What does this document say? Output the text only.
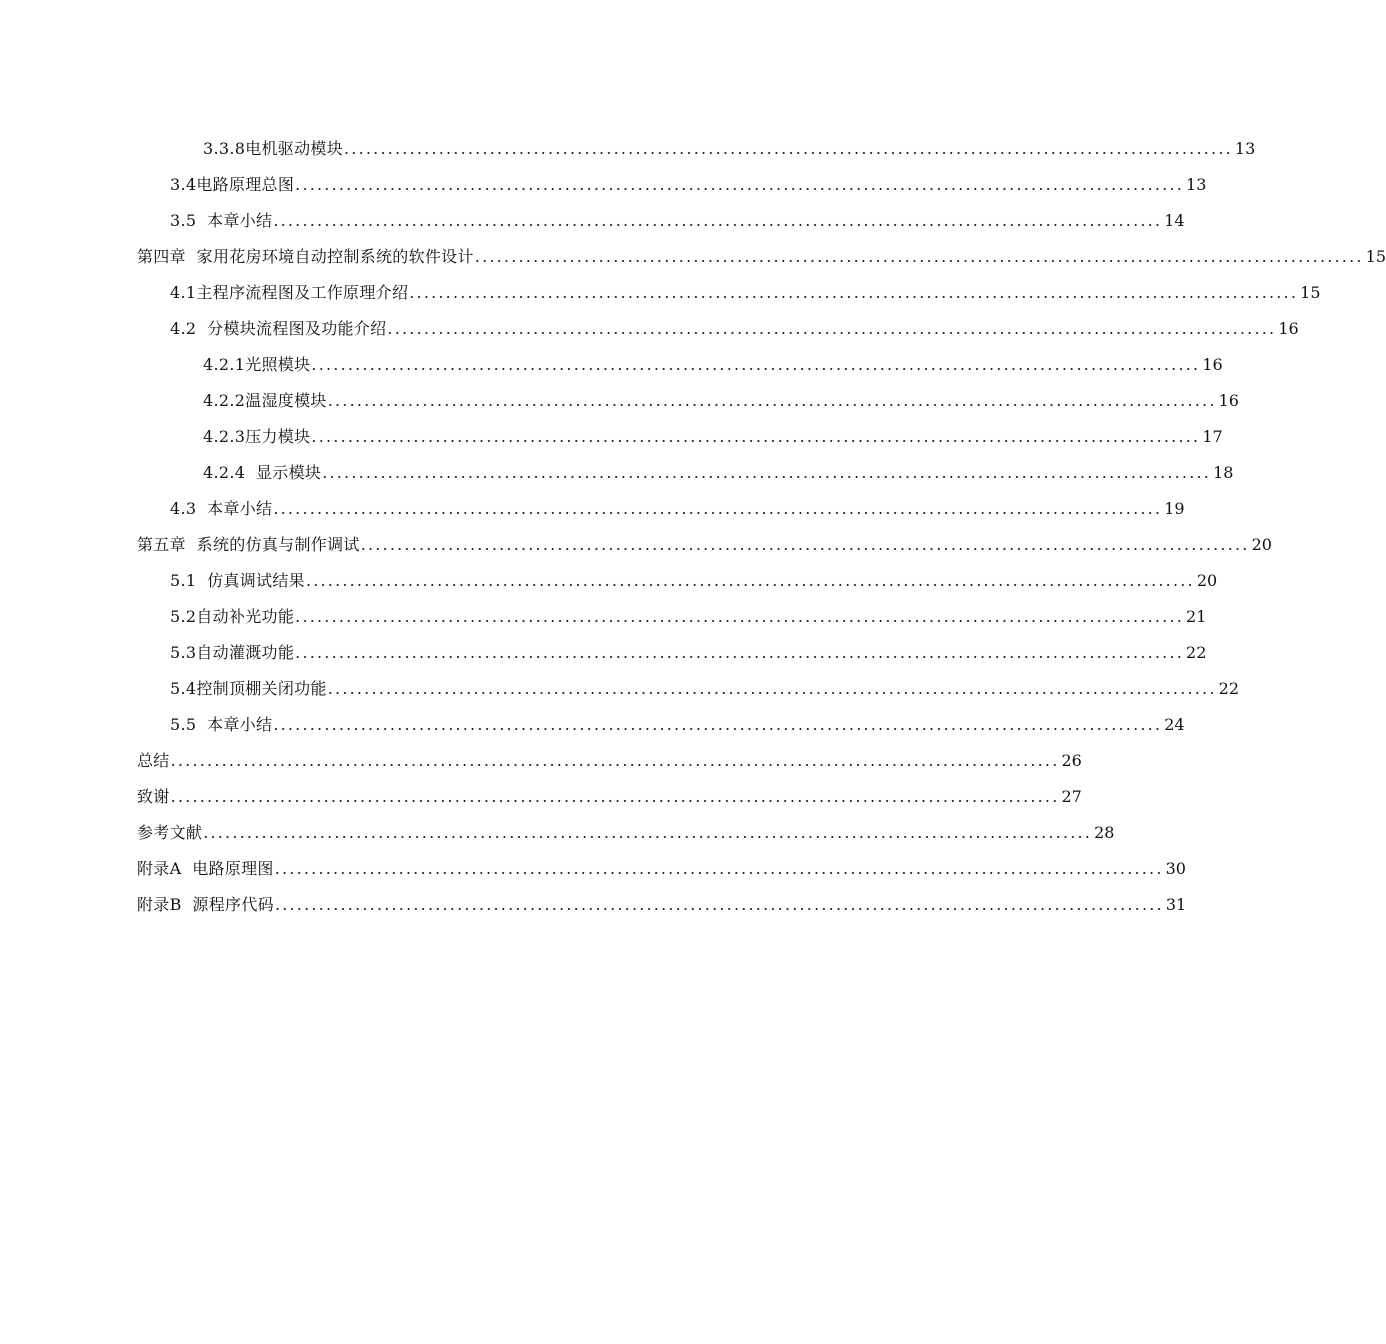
3.3.8电机驱动模块 .......................................................................................................................... 13
3.4电路原理总图 .......................................................................................................................... 13
3.5  本章小结 .......................................................................................................................... 14
第四章  家用花房环境自动控制系统的软件设计 .......................................................................................................................... 15
4.1主程序流程图及工作原理介绍 .......................................................................................................................... 15
4.2  分模块流程图及功能介绍 .......................................................................................................................... 16
4.2.1光照模块 .......................................................................................................................... 16
4.2.2温湿度模块 .......................................................................................................................... 16
4.2.3压力模块 .......................................................................................................................... 17
4.2.4  显示模块 .......................................................................................................................... 18
4.3  本章小结 .......................................................................................................................... 19
第五章  系统的仿真与制作调试 .......................................................................................................................... 20
5.1  仿真调试结果 .......................................................................................................................... 20
5.2自动补光功能 .......................................................................................................................... 21
5.3自动灌溉功能 .......................................................................................................................... 22
5.4控制顶棚关闭功能 .......................................................................................................................... 22
5.5  本章小结 .......................................................................................................................... 24
总结 .......................................................................................................................... 26
致谢 .......................................................................................................................... 27
参考文献 .......................................................................................................................... 28
附录A  电路原理图 .......................................................................................................................... 30
附录B  源程序代码 .......................................................................................................................... 31
